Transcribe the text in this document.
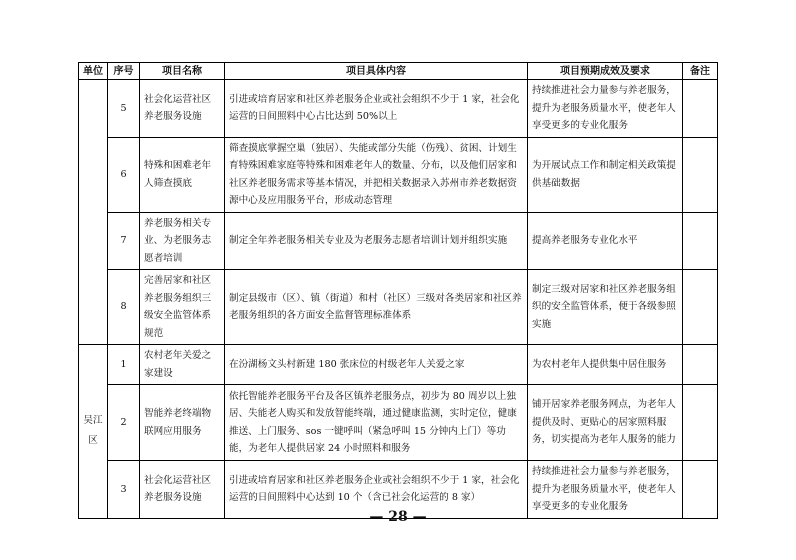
单位	序号	项目名称	项目具体内容	项目预期成效及要求	备注
	5	社会化运营社区养老服务设施	引进或培育居家和社区养老服务企业或社会组织不少于 1 家，社会化运营的日间照料中心占比达到 50%以上	持续推进社会力量参与养老服务，提升为老服务质量水平，使老年人享受更多的专业化服务	
	6	特殊和困难老年人筛查摸底	筛查摸底掌握空巢（独居）、失能或部分失能（伤残）、贫困、计划生育特殊困难家庭等特殊和困难老年人的数量、分布，以及他们居家和社区养老服务需求等基本情况，并把相关数据录入苏州市养老数据资源中心及应用服务平台，形成动态管理	为开展试点工作和制定相关政策提供基础数据	
	7	养老服务相关专业、为老服务志愿者培训	制定全年养老服务相关专业及为老服务志愿者培训计划并组织实施	提高养老服务专业化水平	
	8	完善居家和社区养老服务组织三级安全监管体系规范	制定县级市（区）、镇（街道）和村（社区）三级对各类居家和社区养老服务组织的各方面安全监督管理标准体系	制定三级对居家和社区养老服务组织的安全监管体系，便于各级参照实施	
吴江区	1	农村老年关爱之家建设	在汾湖杨文头村新建 180 张床位的村级老年人关爱之家	为农村老年人提供集中居住服务	
	2	智能养老终端物联网应用服务	依托智能养老服务平台及各区镇养老服务点，初步为 80 周岁以上独居、失能老人购买和发放智能终端，通过健康监测，实时定位，健康推送、上门服务、sos 一键呼叫（紧急呼叫 15 分钟内上门）等功能，为老年人提供居家 24 小时照料和服务	铺开居家养老服务网点，为老年人提供及时、更贴心的居家照料服务，切实提高为老年人服务的能力	
	3	社会化运营社区养老服务设施	引进或培育居家和社区养老服务企业或社会组织不少于 1 家，社会化运营的日间照料中心达到 10 个（含已社会化运营的 8 家）	持续推进社会力量参与养老服务，提升为老服务质量水平，使老年人享受更多的专业化服务	
— 28 —
